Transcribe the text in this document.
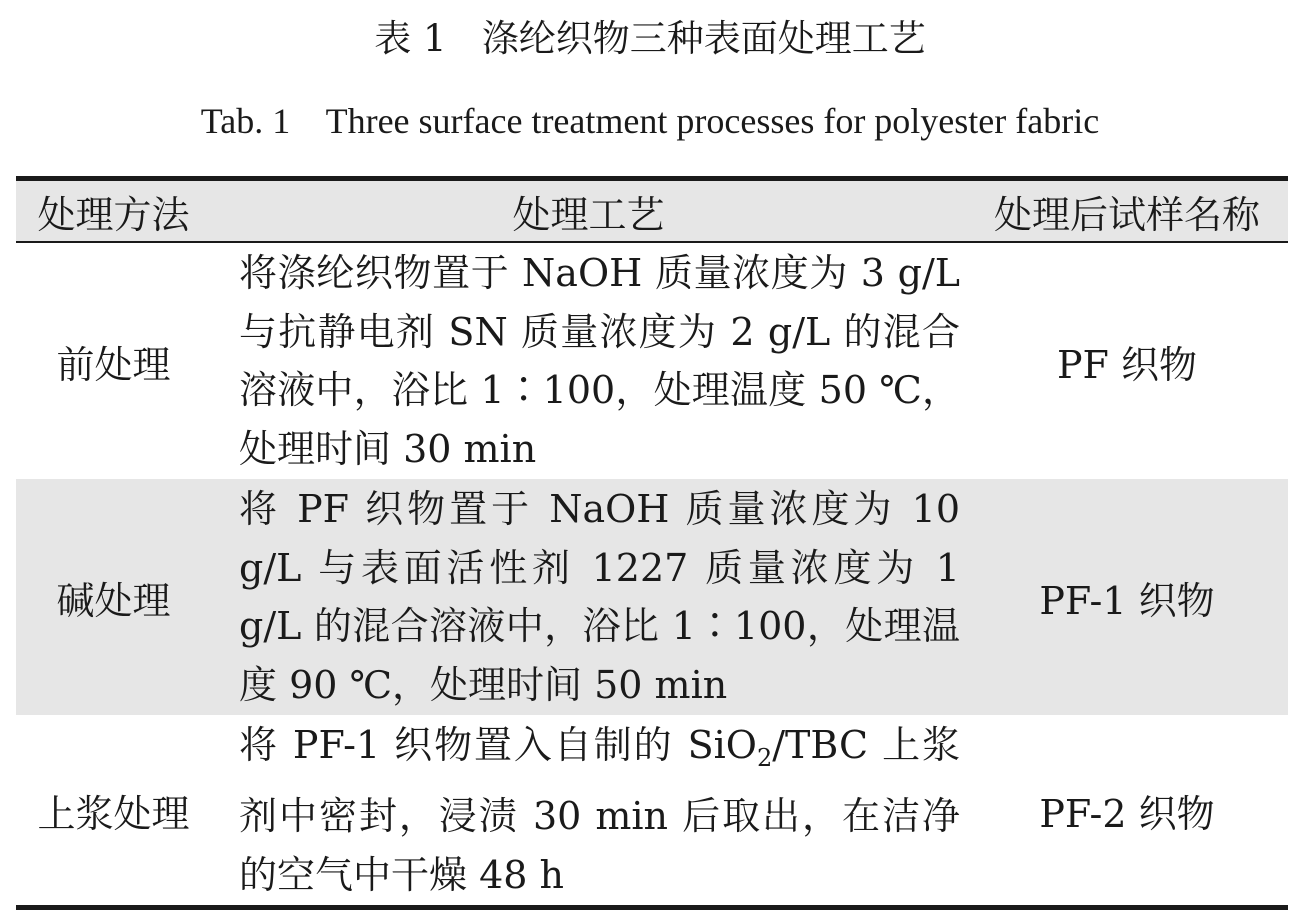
表 1   涤纶织物三种表面处理工艺
Tab. 1    Three surface treatment processes for polyester fabric
处理方法	处理工艺	处理后试样名称
前处理
将涤纶织物置于 NaOH 质量浓度为 3 g/L 与抗静电剂 SN 质量浓度为 2 g/L 的混合溶液中，浴比 1∶100，处理温度 50 ℃，处理时间 30 min
PF 织物
碱处理
将 PF 织物置于 NaOH 质量浓度为 10 g/L 与表面活性剂 1227 质量浓度为 1 g/L 的混合溶液中，浴比 1∶100，处理温度 90 ℃，处理时间 50 min
PF-1 织物
上浆处理
将 PF-1 织物置入自制的 SiO$_2$/TBC 上浆剂中密封，浸渍 30 min 后取出，在洁净的空气中干燥 48 h
PF-2 织物
